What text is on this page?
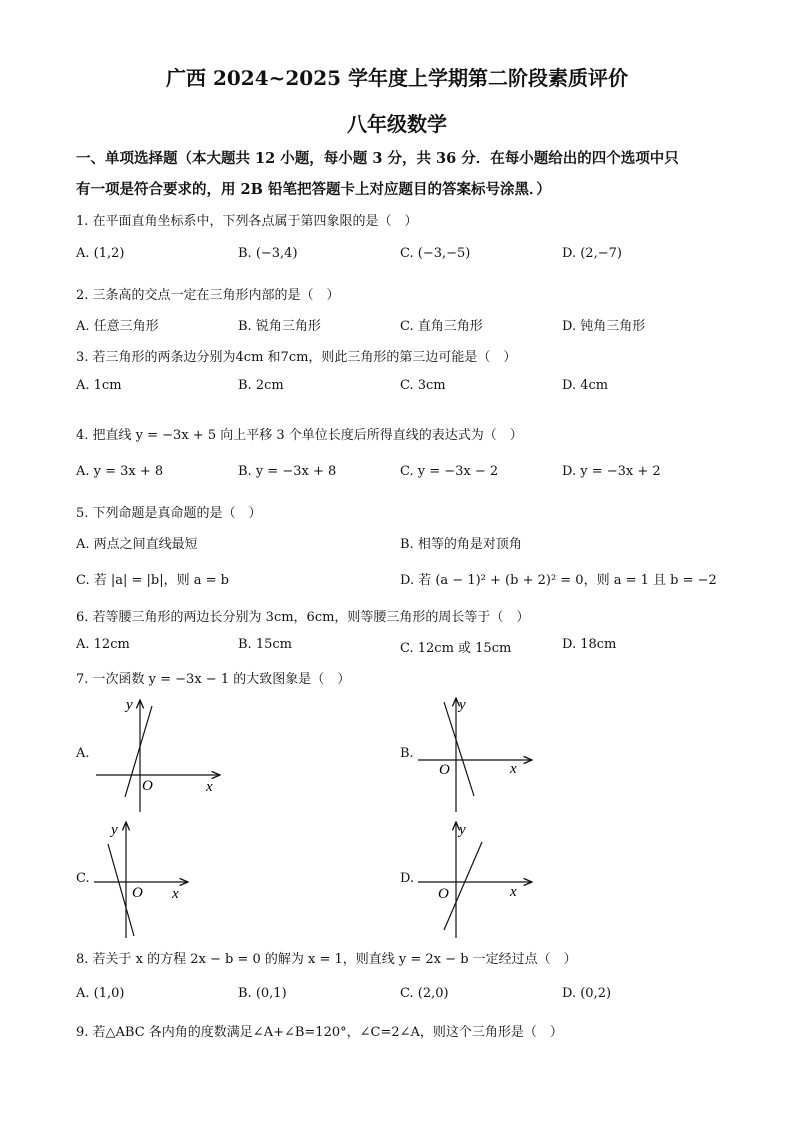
广西 2024~2025 学年度上学期第二阶段素质评价
八年级数学
一、单项选择题（本大题共 12 小题，每小题 3 分，共 36 分．在每小题给出的四个选项中只
有一项是符合要求的，用 2B 铅笔把答题卡上对应题目的答案标号涂黑．）
1. 在平面直角坐标系中，下列各点属于第四象限的是（　）
A. (1,2)	B. (−3,4)	C. (−3,−5)	D. (2,−7)
2. 三条高的交点一定在三角形内部的是（　）
A. 任意三角形	B. 锐角三角形	C. 直角三角形	D. 钝角三角形
3. 若三角形的两条边分别为4cm 和7cm，则此三角形的第三边可能是（　）
A. 1cm	B. 2cm	C. 3cm	D. 4cm
4. 把直线 y = −3x + 5 向上平移 3 个单位长度后所得直线的表达式为（　）
A. y = 3x + 8	B. y = −3x + 8	C. y = −3x − 2	D. y = −3x + 2
5. 下列命题是真命题的是（　）
A. 两点之间直线最短	B. 相等的角是对顶角
C. 若 |a| = |b|，则 a = b	D. 若 (a − 1)² + (b + 2)² = 0，则 a = 1 且 b = −2
6. 若等腰三角形的两边长分别为 3cm，6cm，则等腰三角形的周长等于（　）
A. 12cm	B. 15cm	C. 12cm 或 15cm	D. 18cm
7. 一次函数 y = −3x − 1 的大致图象是（　）
A.
y
O	x
B.
y
O	x
C.
y
O x
D.
y
O	x
8. 若关于 x 的方程 2x − b = 0 的解为 x = 1，则直线 y = 2x − b 一定经过点（　）
A. (1,0)	B. (0,1)	C. (2,0)	D. (0,2)
9. 若△ABC 各内角的度数满足∠A+∠B=120°，∠C=2∠A，则这个三角形是（　）
